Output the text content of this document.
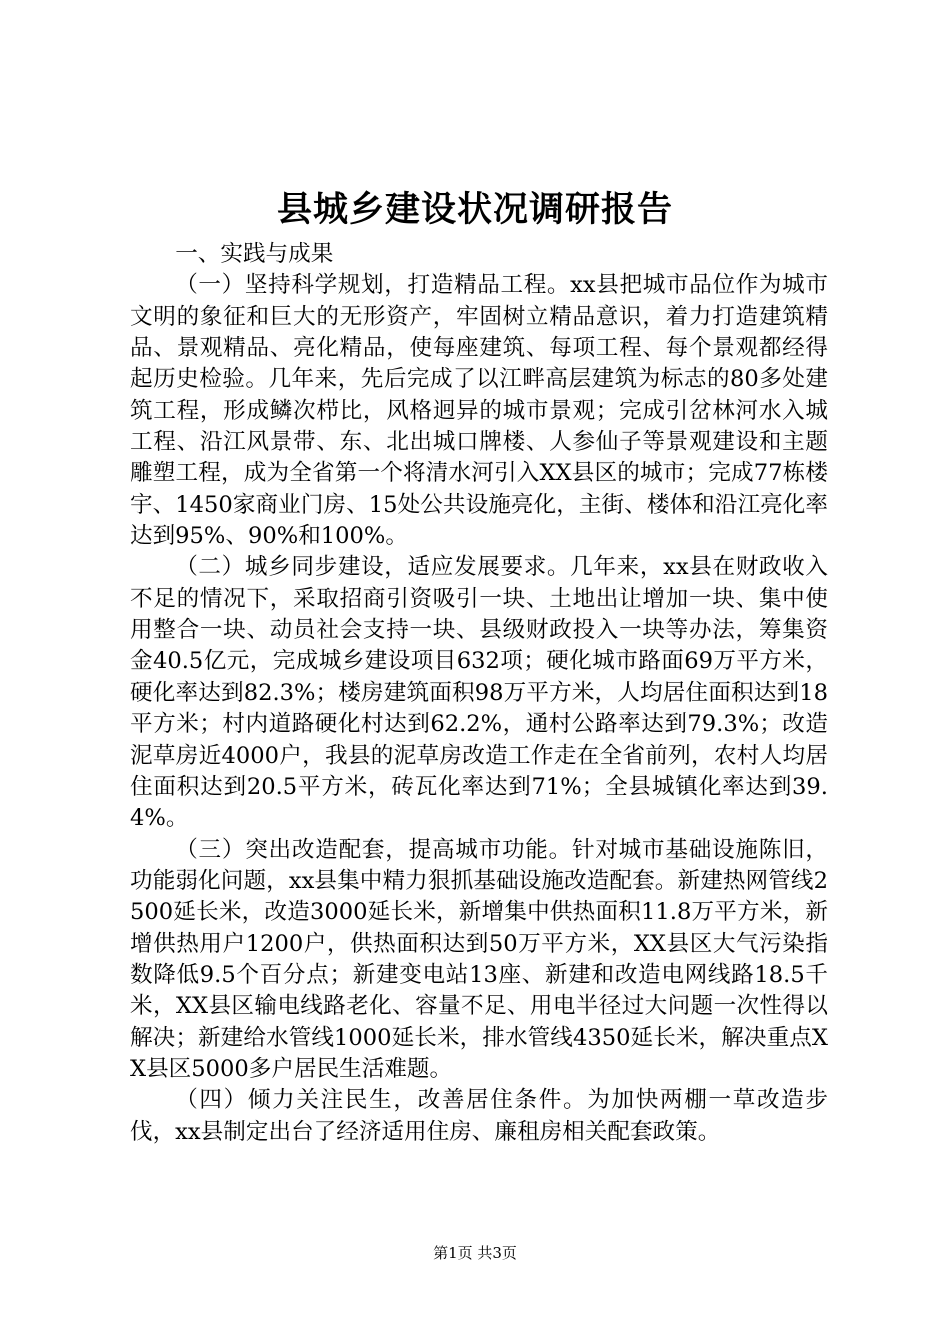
县城乡建设状况调研报告

一、实践与成果

（一）坚持科学规划，打造精品工程。xx县把城市品位作为城市文明的象征和巨大的无形资产，牢固树立精品意识，着力打造建筑精品、景观精品、亮化精品，使每座建筑、每项工程、每个景观都经得起历史检验。几年来，先后完成了以江畔高层建筑为标志的80多处建筑工程，形成鳞次栉比，风格迥异的城市景观；完成引岔林河水入城工程、沿江风景带、东、北出城口牌楼、人参仙子等景观建设和主题雕塑工程，成为全省第一个将清水河引入XX县区的城市；完成77栋楼宇、1450家商业门房、15处公共设施亮化，主街、楼体和沿江亮化率达到95%、90%和100%。

（二）城乡同步建设，适应发展要求。几年来，xx县在财政收入不足的情况下，采取招商引资吸引一块、土地出让增加一块、集中使用整合一块、动员社会支持一块、县级财政投入一块等办法，筹集资金40.5亿元，完成城乡建设项目632项；硬化城市路面69万平方米，硬化率达到82.3%；楼房建筑面积98万平方米，人均居住面积达到18平方米；村内道路硬化村达到62.2%，通村公路率达到79.3%；改造泥草房近4000户，我县的泥草房改造工作走在全省前列，农村人均居住面积达到20.5平方米，砖瓦化率达到71%；全县城镇化率达到39.4%。

（三）突出改造配套，提高城市功能。针对城市基础设施陈旧，功能弱化问题，xx县集中精力狠抓基础设施改造配套。新建热网管线2500延长米，改造3000延长米，新增集中供热面积11.8万平方米，新增供热用户1200户，供热面积达到50万平方米，XX县区大气污染指数降低9.5个百分点；新建变电站13座、新建和改造电网线路18.5千米，XX县区输电线路老化、容量不足、用电半径过大问题一次性得以解决；新建给水管线1000延长米，排水管线4350延长米，解决重点XX县区5000多户居民生活难题。

（四）倾力关注民生，改善居住条件。为加快两棚一草改造步伐，xx县制定出台了经济适用住房、廉租房相关配套政策。

第1页 共3页
